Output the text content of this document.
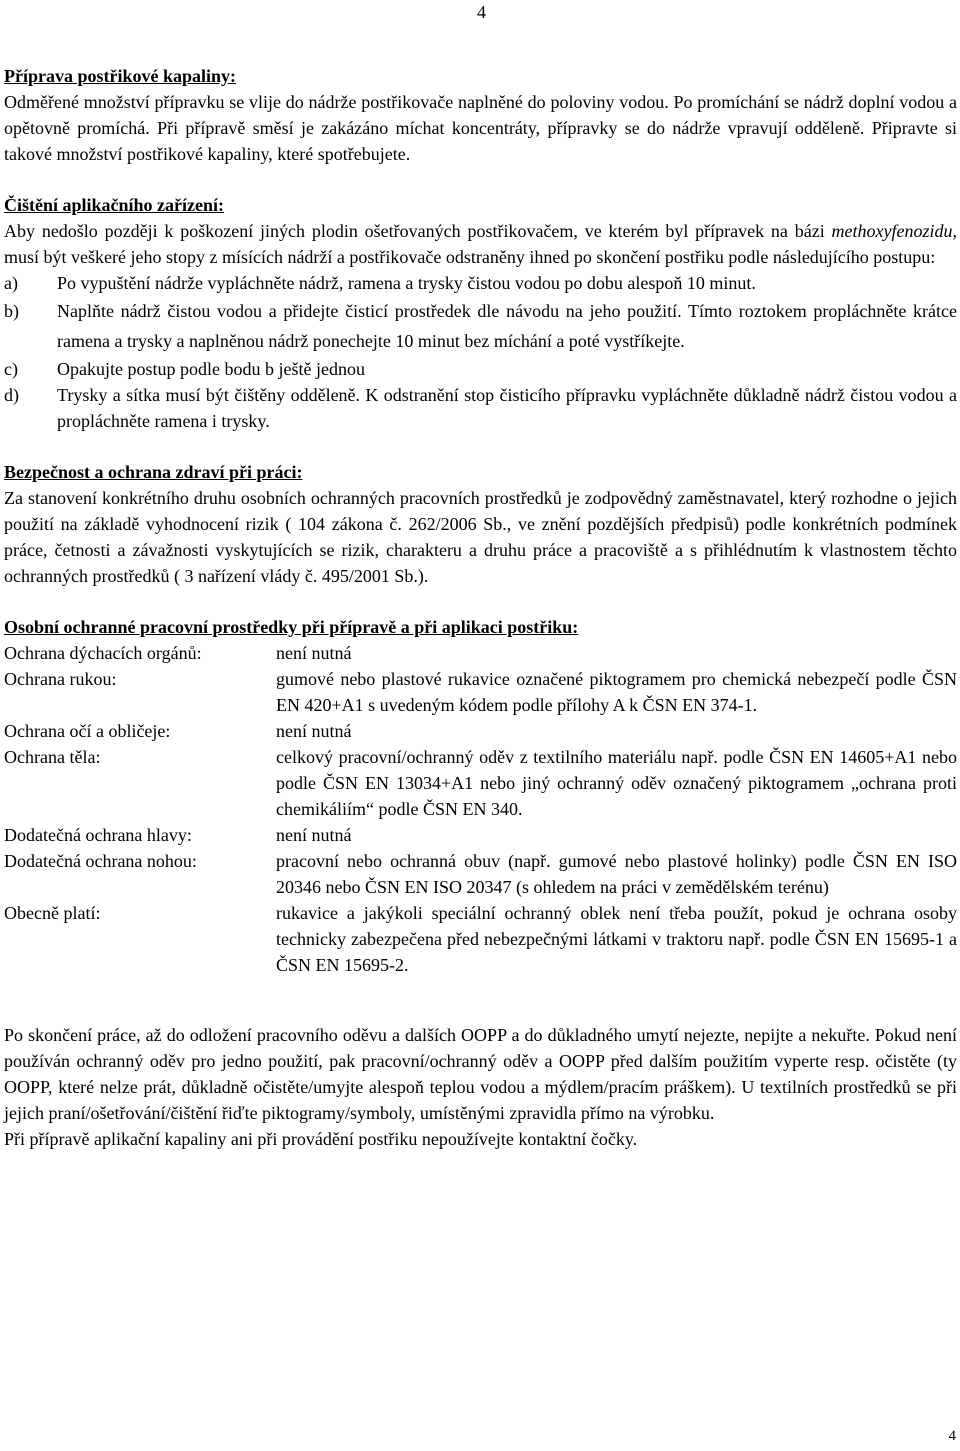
4

Příprava postřikové kapaliny:

Odměřené množství přípravku se vlije do nádrže postřikovače naplněné do poloviny vodou. Po promíchání se nádrž doplní vodou a opětovně promíchá. Při přípravě směsí je zakázáno míchat koncentráty, přípravky se do nádrže vpravují odděleně. Připravte si takové množství postřikové kapaliny, které spotřebujete.

Čištění aplikačního zařízení:

Aby nedošlo později k poškození jiných plodin ošetřovaných postřikovačem, ve kterém byl přípravek na bázi methoxyfenozidu, musí být veškeré jeho stopy z mísících nádrží a postřikovače odstraněny ihned po skončení postřiku podle následujícího postupu:

a)	Po vypuštění nádrže vypláchněte nádrž, ramena a trysky čistou vodou po dobu alespoň 10 minut.
b)	Naplňte nádrž čistou vodou a přidejte čisticí prostředek dle návodu na jeho použití. Tímto roztokem propláchněte krátce ramena a trysky a naplněnou nádrž ponechejte 10 minut bez míchání a poté vystříkejte.
c)	Opakujte postup podle bodu b ještě jednou
d)	Trysky a sítka musí být čištěny odděleně. K odstranění stop čisticího přípravku vypláchněte důkladně nádrž čistou vodou a propláchněte ramena i trysky.

Bezpečnost a ochrana zdraví při práci:

Za stanovení konkrétního druhu osobních ochranných pracovních prostředků je zodpovědný zaměstnavatel, který rozhodne o jejich použití na základě vyhodnocení rizik ( 104 zákona č. 262/2006 Sb., ve znění pozdějších předpisů) podle konkrétních podmínek práce, četnosti a závažnosti vyskytujících se rizik, charakteru a druhu práce a pracoviště a s přihlédnutím k vlastnostem těchto ochranných prostředků ( 3 nařízení vlády č. 495/2001 Sb.).

Osobní ochranné pracovní prostředky při přípravě a při aplikaci postřiku:

Ochrana dýchacích orgánů:	není nutná
Ochrana rukou:	gumové nebo plastové rukavice označené piktogramem pro chemická nebezpečí podle ČSN EN 420+A1 s uvedeným kódem podle přílohy A k ČSN EN 374-1.
Ochrana očí a obličeje:	není nutná
Ochrana těla:	celkový pracovní/ochranný oděv z textilního materiálu např. podle ČSN EN 14605+A1 nebo podle ČSN EN 13034+A1 nebo jiný ochranný oděv označený piktogramem „ochrana proti chemikáliím“ podle ČSN EN 340.
Dodatečná ochrana hlavy:	není nutná
Dodatečná ochrana nohou:	pracovní nebo ochranná obuv (např. gumové nebo plastové holinky) podle ČSN EN ISO 20346 nebo ČSN EN ISO 20347 (s ohledem na práci v zemědělském terénu)
Obecně platí:	rukavice a jakýkoli speciální ochranný oblek není třeba použít, pokud je ochrana osoby technicky zabezpečena před nebezpečnými látkami v traktoru např. podle ČSN EN 15695-1 a ČSN EN 15695-2.

Po skončení práce, až do odložení pracovního oděvu a dalších OOPP a do důkladného umytí nejezte, nepijte a nekuřte. Pokud není používán ochranný oděv pro jedno použití, pak pracovní/ochranný oděv a OOPP před dalším použitím vyperte resp. očistěte (ty OOPP, které nelze prát, důkladně očistěte/umyjte alespoň teplou vodou a mýdlem/pracím práškem). U textilních prostředků se při jejich praní/ošetřování/čištění řiďte piktogramy/symboly, umístěnými zpravidla přímo na výrobku.

Při přípravě aplikační kapaliny ani při provádění postřiku nepoužívejte kontaktní čočky.

4
